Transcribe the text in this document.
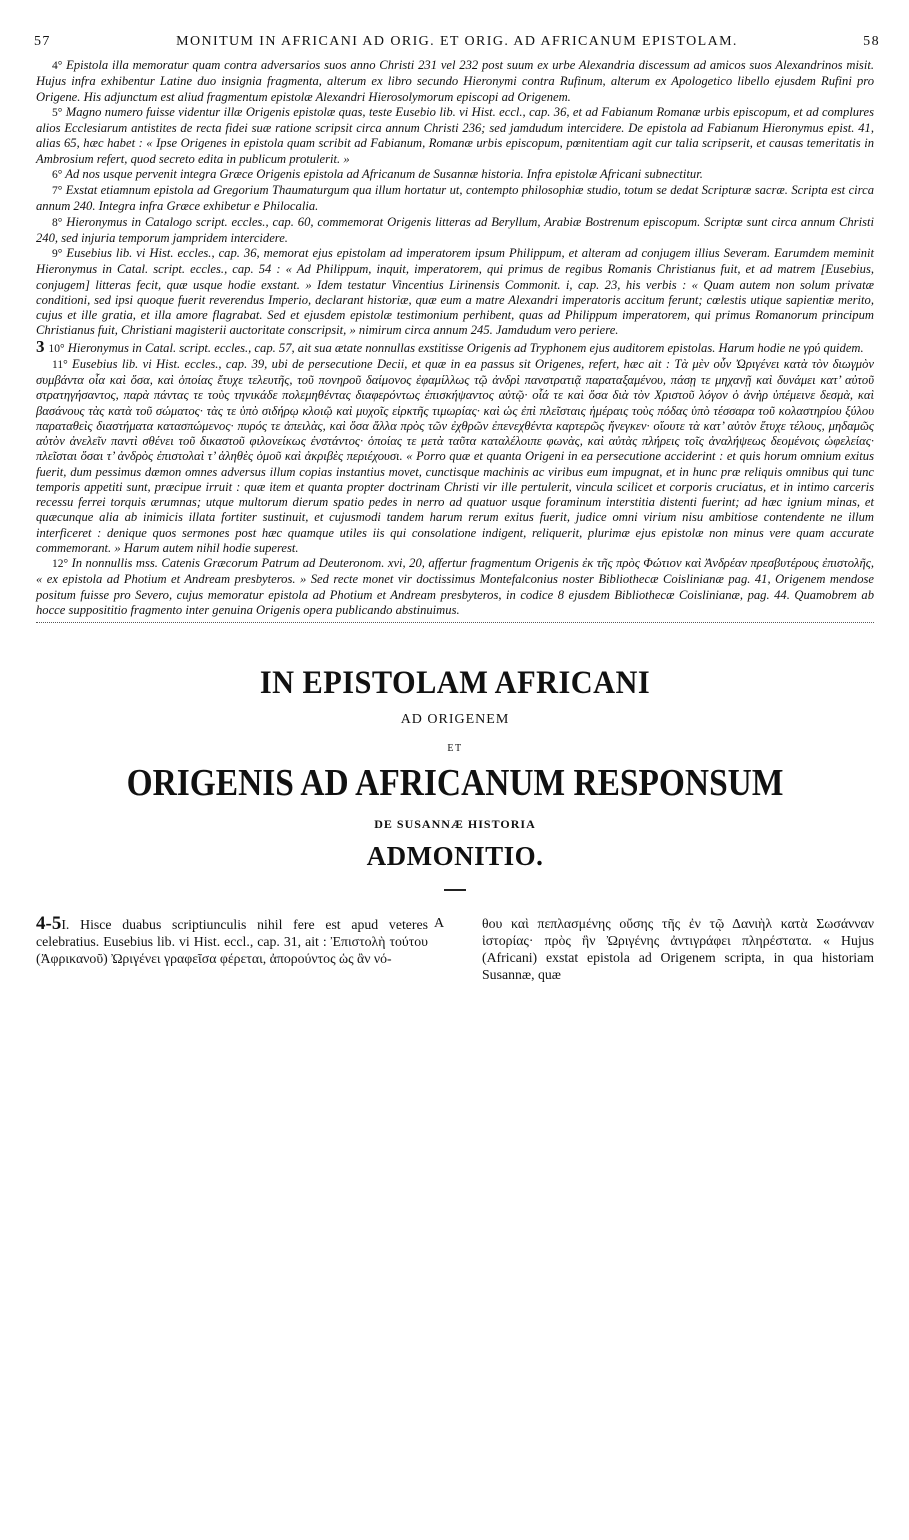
57	MONITUM IN AFRICANI AD ORIG. ET ORIG. AD AFRICANUM EPISTOLAM.	58

4° Epistola illa memoratur quam contra adversarios suos anno Christi 231 vel 232 post suum ex urbe Alexandria discessum ad amicos suos Alexandrinos misit. Hujus infra exhibentur Latine duo insignia fragmenta, alterum ex libro secundo Hieronymi contra Rufinum, alterum ex Apologetico libello ejusdem Rufini pro Origene. His adjunctum est aliud fragmentum epistolæ Alexandri Hierosolymorum episcopi ad Origenem.

5° Magno numero fuisse videntur illæ Origenis epistolæ quas, teste Eusebio lib. vi Hist. eccl., cap. 36, et ad Fabianum Romanæ urbis episcopum, et ad complures alios Ecclesiarum antistites de recta fidei suæ ratione scripsit circa annum Christi 236; sed jamdudum intercidere. De epistola ad Fabianum Hieronymus epist. 41, alias 65, hæc habet : « Ipse Origenes in epistola quam scribit ad Fabianum, Romanæ urbis episcopum, pœnitentiam agit cur talia scripserit, et causas temeritatis in Ambrosium refert, quod secreto edita in publicum protulerit. »

6° Ad nos usque pervenit integra Græce Origenis epistola ad Africanum de Susannæ historia. Infra epistolæ Africani subnectitur.

7° Exstat etiamnum epistola ad Gregorium Thaumaturgum qua illum hortatur ut, contempto philosophiæ studio, totum se dedat Scripturæ sacræ. Scripta est circa annum 240. Integra infra Græce exhibetur e Philocalia.

8° Hieronymus in Catalogo script. eccles., cap. 60, commemorat Origenis litteras ad Beryllum, Arabiæ Bostrenum episcopum. Scriptæ sunt circa annum Christi 240, sed injuria temporum jampridem intercidere.

9° Eusebius lib. vi Hist. eccles., cap. 36, memorat ejus epistolam ad imperatorem ipsum Philippum, et alteram ad conjugem illius Severam. Earumdem meminit Hieronymus in Catal. script. eccles., cap. 54 : « Ad Philippum, inquit, imperatorem, qui primus de regibus Romanis Christianus fuit, et ad matrem [Eusebius, conjugem] litteras fecit, quæ usque hodie exstant. » Idem testatur Vincentius Lirinensis Commonit. i, cap. 23, his verbis : « Quam autem non solum privatæ conditioni, sed ipsi quoque fuerit reverendus Imperio, declarant historiæ, quæ eum a matre Alexandri imperatoris accitum ferunt; cœlestis utique sapientiæ merito, cujus et ille gratia, et illa amore flagrabat. Sed et ejusdem epistolæ testimonium perhibent, quas ad Philippum imperatorem, qui primus Romanorum principum Christianus fuit, Christiani magisterii auctoritate conscripsit, » nimirum circa annum 245. Jamdudum vero periere.

3 10° Hieronymus in Catal. script. eccles., cap. 57, ait sua ætate nonnullas exstitisse Origenis ad Tryphonem ejus auditorem epistolas. Harum hodie ne γρύ quidem.

11° Eusebius lib. vi Hist. eccles., cap. 39, ubi de persecutione Decii, et quæ in ea passus sit Origenes, refert, hæc ait : Τὰ μὲν οὖν Ὠριγένει κατὰ τὸν διωγμὸν συμβάντα οἷα καὶ ὅσα, καὶ ὁποίας ἔτυχε τελευτῆς, τοῦ πονηροῦ δαίμονος ἐφαμίλλως τῷ ἀνδρὶ πανστρατιᾷ παραταξαμένου, πάσῃ τε μηχανῇ καὶ δυνάμει κατ’ αὐτοῦ στρατηγήσαντος, παρὰ πάντας τε τοὺς τηνικάδε πολεμηθέντας διαφερόντως ἐπισκήψαντος αὐτῷ· οἷά τε καὶ ὅσα διὰ τὸν Χριστοῦ λόγον ὁ ἀνὴρ ὑπέμεινε δεσμὰ, καὶ βασάνους τὰς κατὰ τοῦ σώματος· τὰς τε ὑπὸ σιδήρῳ κλοιῷ καὶ μυχοῖς εἱρκτῆς τιμωρίας· καὶ ὡς ἐπὶ πλεῖσταις ἡμέραις τοὺς πόδας ὑπὸ τέσσαρα τοῦ κολαστηρίου ξύλου παραταθεὶς διαστήματα κατασπώμενος· πυρός τε ἀπειλὰς, καὶ ὅσα ἄλλα πρὸς τῶν ἐχθρῶν ἐπενεχθέντα καρτερῶς ἤνεγκεν· οἵουτε τὰ κατ’ αὐτὸν ἔτυχε τέλους, μηδαμῶς αὐτὸν ἀνελεῖν παντὶ σθένει τοῦ δικαστοῦ φιλονείκως ἐνστάντος· ὁποίας τε μετὰ ταῦτα καταλέλοιπε φωνὰς, καὶ αὐτὰς πλήρεις τοῖς ἀναλήψεως δεομένοις ὠφελείας· πλεῖσται ὅσαι τ’ ἀνδρὸς ἐπιστολαὶ τ’ ἀληθὲς ὁμοῦ καὶ ἀκριβὲς περιέχουσι. « Porro quæ et quanta Origeni in ea persecutione acciderint : et quis horum omnium exitus fuerit, dum pessimus dæmon omnes adversus illum copias instantius movet, cunctisque machinis ac viribus eum impugnat, et in hunc præ reliquis omnibus qui tunc temporis appetiti sunt, præcipue irruit : quæ item et quanta propter doctrinam Christi vir ille pertulerit, vincula scilicet et corporis cruciatus, et in intimo carceris recessu ferrei torquis ærumnas; utque multorum dierum spatio pedes in nerro ad quatuor usque foraminum interstitia distenti fuerint; ad hæc ignium minas, et quæcunque alia ab inimicis illata fortiter sustinuit, et cujusmodi tandem harum rerum exitus fuerit, judice omni virium nisu ambitiose contendente ne illum interficeret : denique quos sermones post hæc quamque utiles iis qui consolatione indigent, reliquerit, plurimæ ejus epistolæ non minus vere quam accurate commemorant. » Harum autem nihil hodie superest.

12° In nonnullis mss. Catenis Græcorum Patrum ad Deuteronom. xvi, 20, affertur fragmentum Origenis ἐκ τῆς πρὸς Φώτιον καὶ Ἀνδρέαν πρεσβυτέρους ἐπιστολῆς, « ex epistola ad Photium et Andream presbyteros. » Sed recte monet vir doctissimus Montefalconius noster Bibliothecæ Coislinianæ pag. 41, Origenem mendose positum fuisse pro Severo, cujus memoratur epistola ad Photium et Andream presbyteros, in codice 8 ejusdem Bibliothecæ Coislinianæ, pag. 44. Quamobrem ab hocce supposititio fragmento inter genuina Origenis opera publicando abstinuimus.

IN EPISTOLAM AFRICANI
AD ORIGENEM
ET
ORIGENIS AD AFRICANUM RESPONSUM
DE SUSANNÆ HISTORIA
ADMONITIO.

4-5I. Hisce duabus scriptiunculis nihil fere est apud veteres celebratius. Eusebius lib. vi Hist. eccl., cap. 31, ait : Ἐπιστολὴ τούτου (Ἀφρικανοῦ) Ὠριγένει γραφεῖσα φέρεται, ἀπορούντος ὡς ἂν νό-

A	θου καὶ πεπλασμένης οὔσης τῆς ἐν τῷ Δανιὴλ κατὰ Σωσάνναν ἱστορίας· πρὸς ἣν Ὠριγένης ἀντιγράφει πληρέστατα. « Hujus (Africani) exstat epistola ad Origenem scripta, in qua historiam Susannæ, quæ
